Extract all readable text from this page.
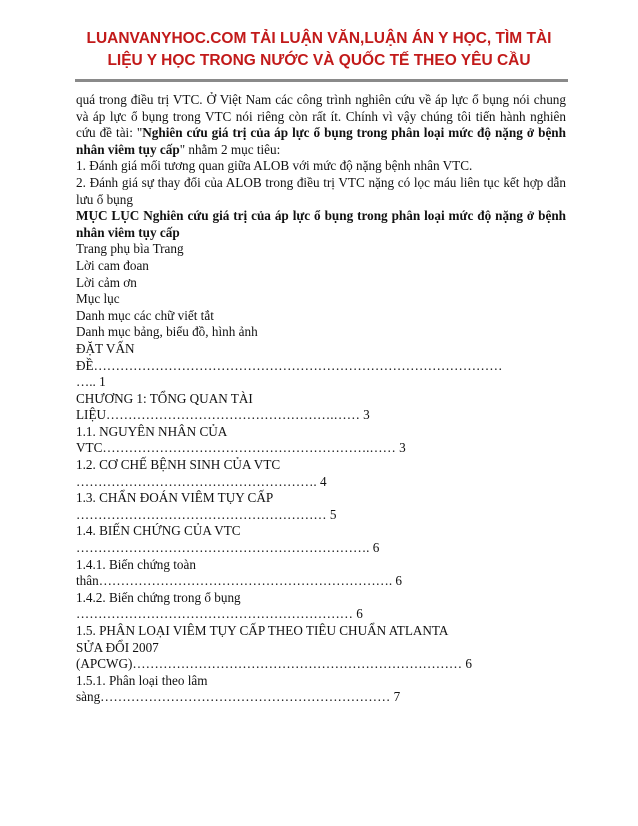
LUANVANYHOC.COM TẢI LUẬN VĂN,LUẬN ÁN Y HỌC, TÌM TÀI
LIỆU Y HỌC TRONG NƯỚC VÀ QUỐC TẾ THEO YÊU CẦU
quá trong điều trị VTC. Ở Việt Nam các công trình nghiên cứu về áp lực ổ bụng nói chung và áp lực ổ bụng trong VTC nói riêng còn rất ít. Chính vì vậy chúng tôi tiến hành nghiên cứu đề tài: "Nghiên cứu giá trị của áp lực ổ bụng trong phân loại mức độ nặng ở bệnh nhân viêm tụy cấp" nhằm 2 mục tiêu:
1. Đánh giá mối tương quan giữa ALOB với mức độ nặng bệnh nhân VTC.
2. Đánh giá sự thay đổi của ALOB trong điều trị VTC nặng có lọc máu liên tục kết hợp dẫn lưu ổ bụng
MỤC LỤC Nghiên cứu giá trị của áp lực ổ bụng trong phân loại mức độ nặng ở bệnh nhân viêm tụy cấp
Trang phụ bìa Trang
Lời cam đoan
Lời cảm ơn
Mục lục
Danh mục các chữ viết tắt
Danh mục bảng, biểu đồ, hình ảnh
ĐẶT VẤN
ĐỀ…………………………………………………………………………………
….. 1
CHƯƠNG 1: TỔNG QUAN TÀI
LIỆU…………………………………………….…… 3
1.1. NGUYÊN NHÂN CỦA
VTC…………………………………………………….…… 3
1.2. CƠ CHẾ BỆNH SINH CỦA VTC
………………………………………………. 4
1.3. CHẨN ĐOÁN VIÊM TỤY CẤP
………………………………………………… 5
1.4. BIẾN CHỨNG CỦA VTC
…………………………………………………………. 6
1.4.1. Biến chứng toàn
thân…………………………………………………………. 6
1.4.2. Biến chứng trong ổ bụng
……………………………………………………… 6
1.5. PHÂN LOẠI VIÊM TỤY CẤP THEO TIÊU CHUẨN ATLANTA
SỬA ĐỔI 2007
(APCWG)………………………………………………………………… 6
1.5.1. Phân loại theo lâm
sàng………………………………………………………… 7
